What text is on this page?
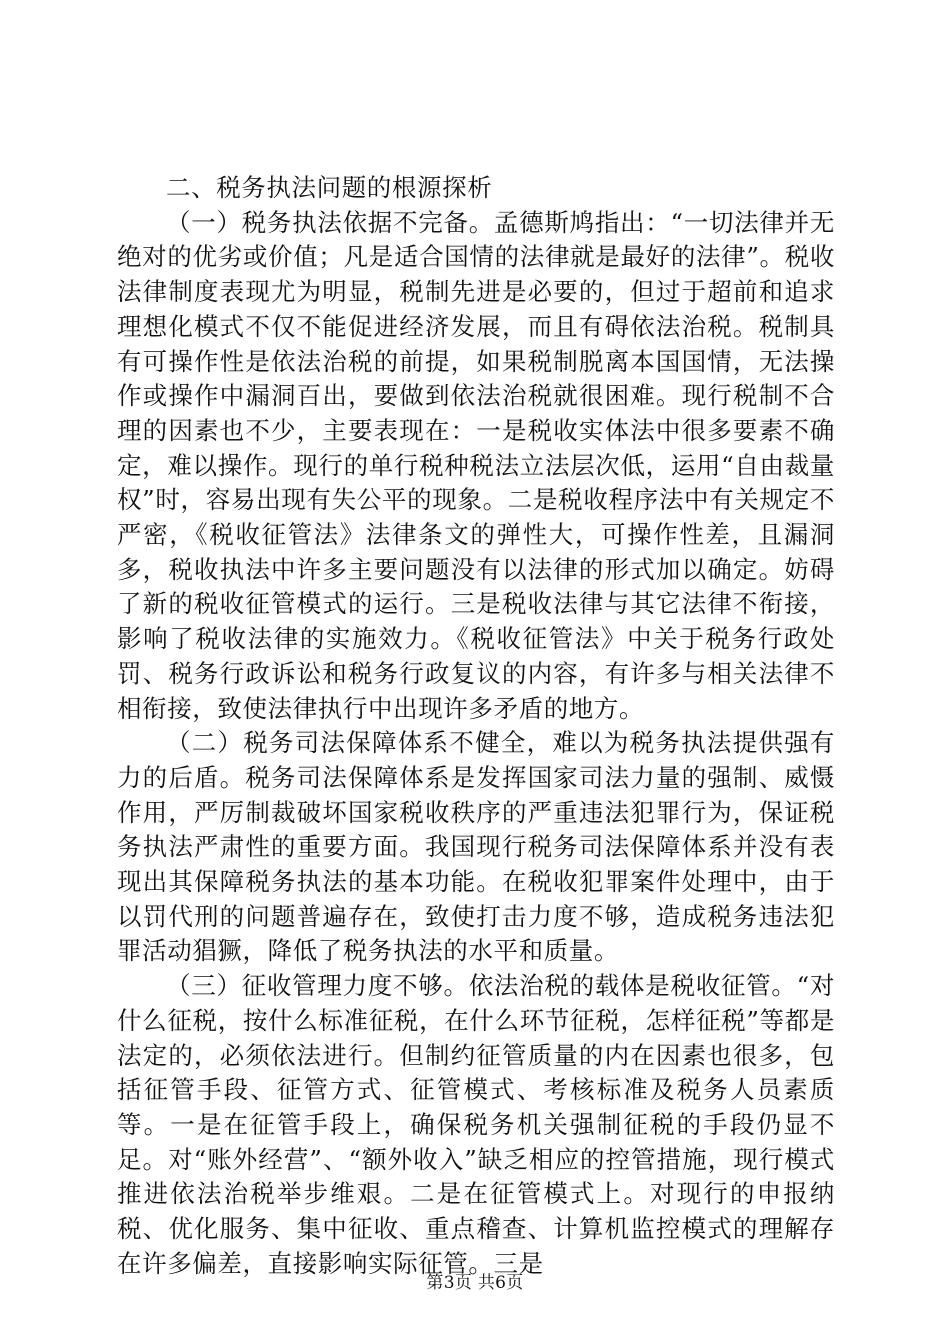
二、税务执法问题的根源探析

（一）税务执法依据不完备。孟德斯鸠指出：“一切法律并无绝对的优劣或价值；凡是适合国情的法律就是最好的法律”。税收法律制度表现尤为明显，税制先进是必要的，但过于超前和追求理想化模式不仅不能促进经济发展，而且有碍依法治税。税制具有可操作性是依法治税的前提，如果税制脱离本国国情，无法操作或操作中漏洞百出，要做到依法治税就很困难。现行税制不合理的因素也不少，主要表现在：一是税收实体法中很多要素不确定，难以操作。现行的单行税种税法立法层次低，运用“自由裁量权”时，容易出现有失公平的现象。二是税收程序法中有关规定不严密，《税收征管法》法律条文的弹性大，可操作性差，且漏洞多，税收执法中许多主要问题没有以法律的形式加以确定。妨碍了新的税收征管模式的运行。三是税收法律与其它法律不衔接，影响了税收法律的实施效力。《税收征管法》中关于税务行政处罚、税务行政诉讼和税务行政复议的内容，有许多与相关法律不相衔接，致使法律执行中出现许多矛盾的地方。

（二）税务司法保障体系不健全，难以为税务执法提供强有力的后盾。税务司法保障体系是发挥国家司法力量的强制、威慑作用，严厉制裁破坏国家税收秩序的严重违法犯罪行为，保证税务执法严肃性的重要方面。我国现行税务司法保障体系并没有表现出其保障税务执法的基本功能。在税收犯罪案件处理中，由于以罚代刑的问题普遍存在，致使打击力度不够，造成税务违法犯罪活动猖獗，降低了税务执法的水平和质量。

（三）征收管理力度不够。依法治税的载体是税收征管。“对什么征税，按什么标准征税，在什么环节征税，怎样征税”等都是法定的，必须依法进行。但制约征管质量的内在因素也很多，包括征管手段、征管方式、征管模式、考核标准及税务人员素质等。一是在征管手段上，确保税务机关强制征税的手段仍显不足。对“账外经营”、“额外收入”缺乏相应的控管措施，现行模式推进依法治税举步维艰。二是在征管模式上。对现行的申报纳税、优化服务、集中征收、重点稽查、计算机监控模式的理解存在许多偏差，直接影响实际征管。三是

第3页 共6页
